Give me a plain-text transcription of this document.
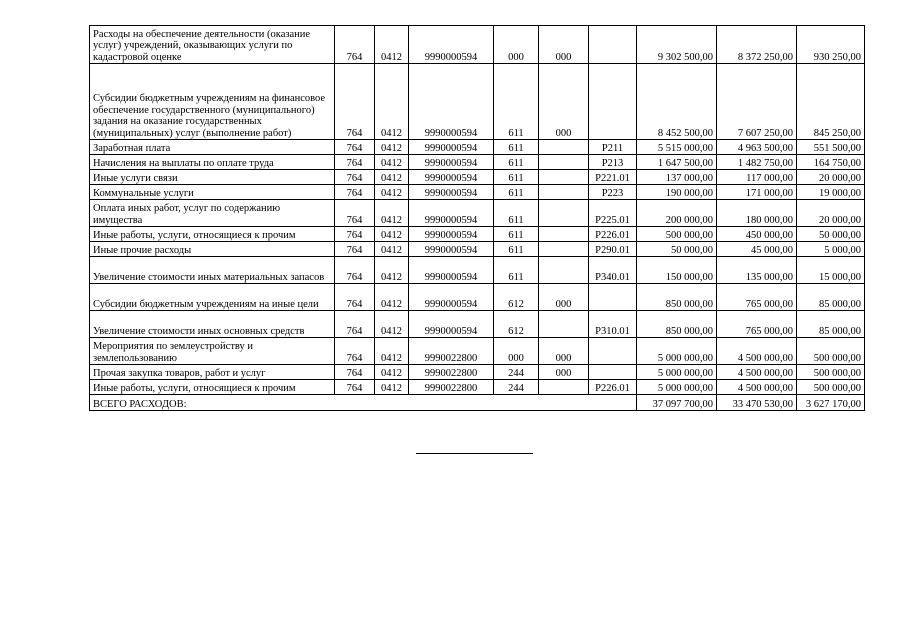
Расходы на обеспечение деятельности (оказание услуг) учреждений, оказывающих услуги по кадастровой оценке	764	0412	9990000594	000	000		9 302 500,00	8 372 250,00	930 250,00
Субсидии бюджетным учреждениям на финансовое обеспечение государственного (муниципального) задания на оказание государственных (муниципальных) услуг (выполнение работ)	764	0412	9990000594	611	000		8 452 500,00	7 607 250,00	845 250,00
Заработная плата	764	0412	9990000594	611		Р211	5 515 000,00	4 963 500,00	551 500,00
Начисления на выплаты по оплате труда	764	0412	9990000594	611		Р213	1 647 500,00	1 482 750,00	164 750,00
Иные услуги связи	764	0412	9990000594	611		Р221.01	137 000,00	117 000,00	20 000,00
Коммунальные услуги	764	0412	9990000594	611		Р223	190 000,00	171 000,00	19 000,00
Оплата иных работ, услуг по содержанию имущества	764	0412	9990000594	611		Р225.01	200 000,00	180 000,00	20 000,00
Иные работы, услуги, относящиеся к прочим	764	0412	9990000594	611		Р226.01	500 000,00	450 000,00	50 000,00
Иные прочие расходы	764	0412	9990000594	611		Р290.01	50 000,00	45 000,00	5 000,00
Увеличение стоимости иных материальных запасов	764	0412	9990000594	611		Р340.01	150 000,00	135 000,00	15 000,00
Субсидии бюджетным учреждениям на иные цели	764	0412	9990000594	612	000		850 000,00	765 000,00	85 000,00
Увеличение стоимости иных основных средств	764	0412	9990000594	612		Р310.01	850 000,00	765 000,00	85 000,00
Мероприятия по землеустройству и землепользованию	764	0412	9990022800	000	000		5 000 000,00	4 500 000,00	500 000,00
Прочая закупка товаров, работ и услуг	764	0412	9990022800	244	000		5 000 000,00	4 500 000,00	500 000,00
Иные работы, услуги, относящиеся к прочим	764	0412	9990022800	244		Р226.01	5 000 000,00	4 500 000,00	500 000,00
ВСЕГО РАСХОДОВ:							37 097 700,00	33 470 530,00	3 627 170,00
